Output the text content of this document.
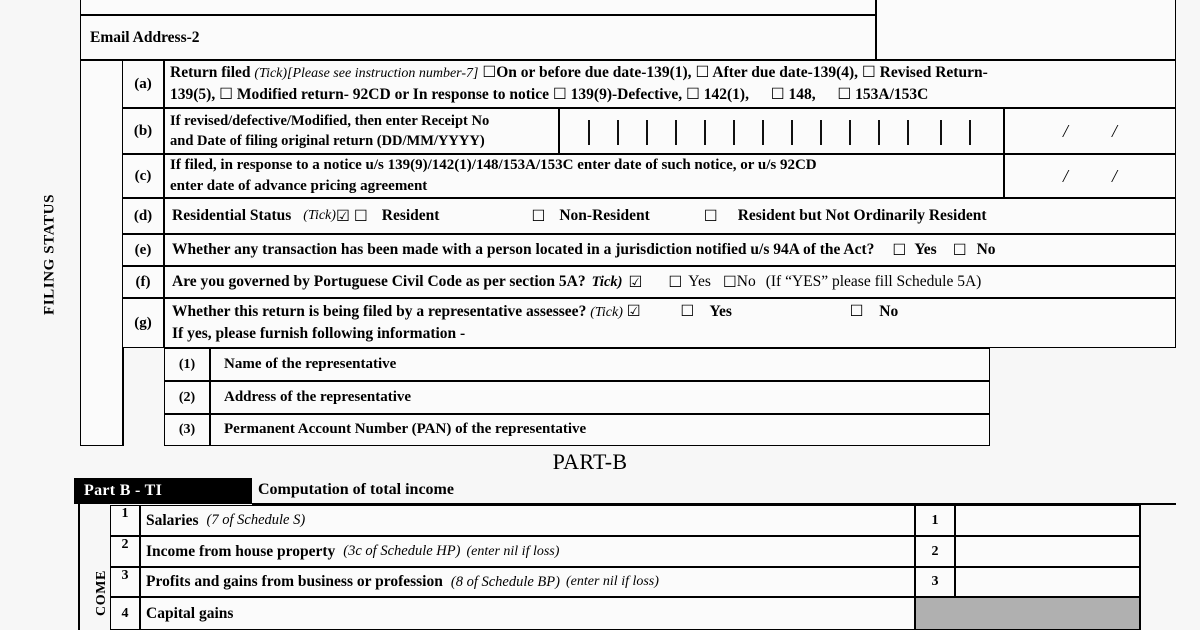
Email Address-2
FILING STATUS
(a)
Return filed (Tick)[Please see instruction number-7] ☐ On or before due date-139(1), ☐ After due date-139(4), ☐ Revised Return-
139(5), ☐ Modified return- 92CD or In response to notice ☐ 139(9)-Defective, ☐ 142(1), ☐	148, ☐	153A/153C
(b)
If revised/defective/Modified, then enter Receipt No
and Date of filing original return (DD/MM/YYYY)
/ /
(c)
If filed, in response to a notice u/s 139(9)/142(1)/148/153A/153C enter date of such notice, or u/s 92CD
enter date of advance pricing agreement
/ /
(d)	Residential Status (Tick) ☑ ☐ Resident ☐	Non-Resident ☐	Resident but Not Ordinarily Resident
(e)	Whether any transaction has been made with a person located in a jurisdiction notified u/s 94A of the Act? ☐	Yes ☐	No
(f)	Are you governed by Portuguese Civil Code as per section 5A? Tick) ☑ ☐	Yes ☐ No (If “YES” please fill Schedule 5A)
(g)
Whether this return is being filed by a representative assessee? (Tick) ☑ ☐	Yes ☐	No
If yes, please furnish following information -
(1)	Name of the representative
(2)	Address of the representative
(3)	Permanent Account Number (PAN) of the representative
PART-B
Part B - TI	Computation of total income
COME
1	Salaries (7 of Schedule S)	1
2	Income from house property (3c of Schedule HP) (enter nil if loss)	2
3	Profits and gains from business or profession (8 of Schedule BP) (enter nil if loss)	3
4	Capital gains
